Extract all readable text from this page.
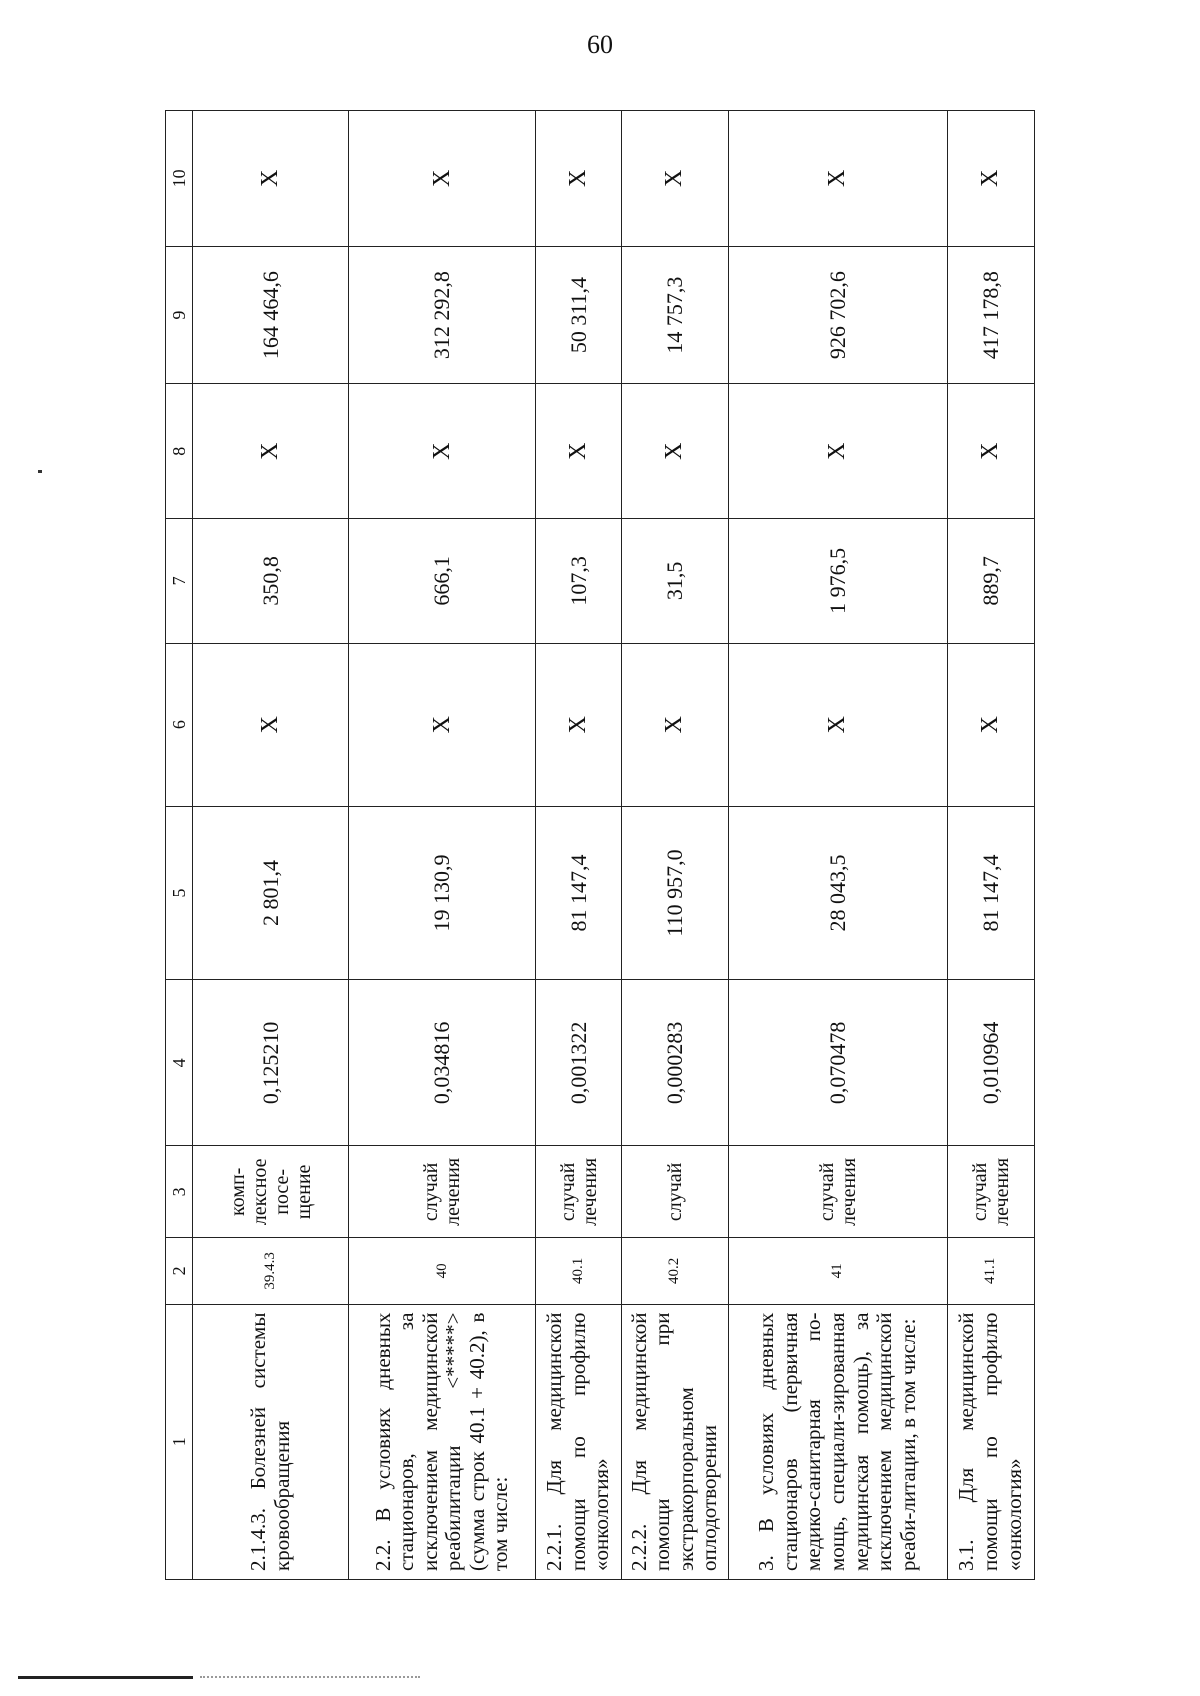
60
1	2	3	4	5	6	7	8	9	10
2.1.4.3. Болезней системы кровообращения	39.4.3	комп-лексное посе-щение	0,125210	2 801,4	X	350,8	X	164 464,6	X
2.2. В условиях дневных стационаров, за исключением медицинской реабилитации <*****> (сумма строк 40.1 + 40.2), в том числе:	40	случай лечения	0,034816	19 130,9	X	666,1	X	312 292,8	X
2.2.1. Для медицинской помощи по профилю «онкология»	40.1	случай лечения	0,001322	81 147,4	X	107,3	X	50 311,4	X
2.2.2. Для медицинской помощи при экстракорпоральном оплодотворении	40.2	случай	0,000283	110 957,0	X	31,5	X	14 757,3	X
3. В условиях дневных стационаров (первичная медико-санитарная по-мощь, специали-зированная медицинская помощь), за исключением медицинской реаби-литации, в том числе:	41	случай лечения	0,070478	28 043,5	X	1 976,5	X	926 702,6	X
3.1. Для медицинской помощи по профилю «онкология»	41.1	случай лечения	0,010964	81 147,4	X	889,7	X	417 178,8	X
